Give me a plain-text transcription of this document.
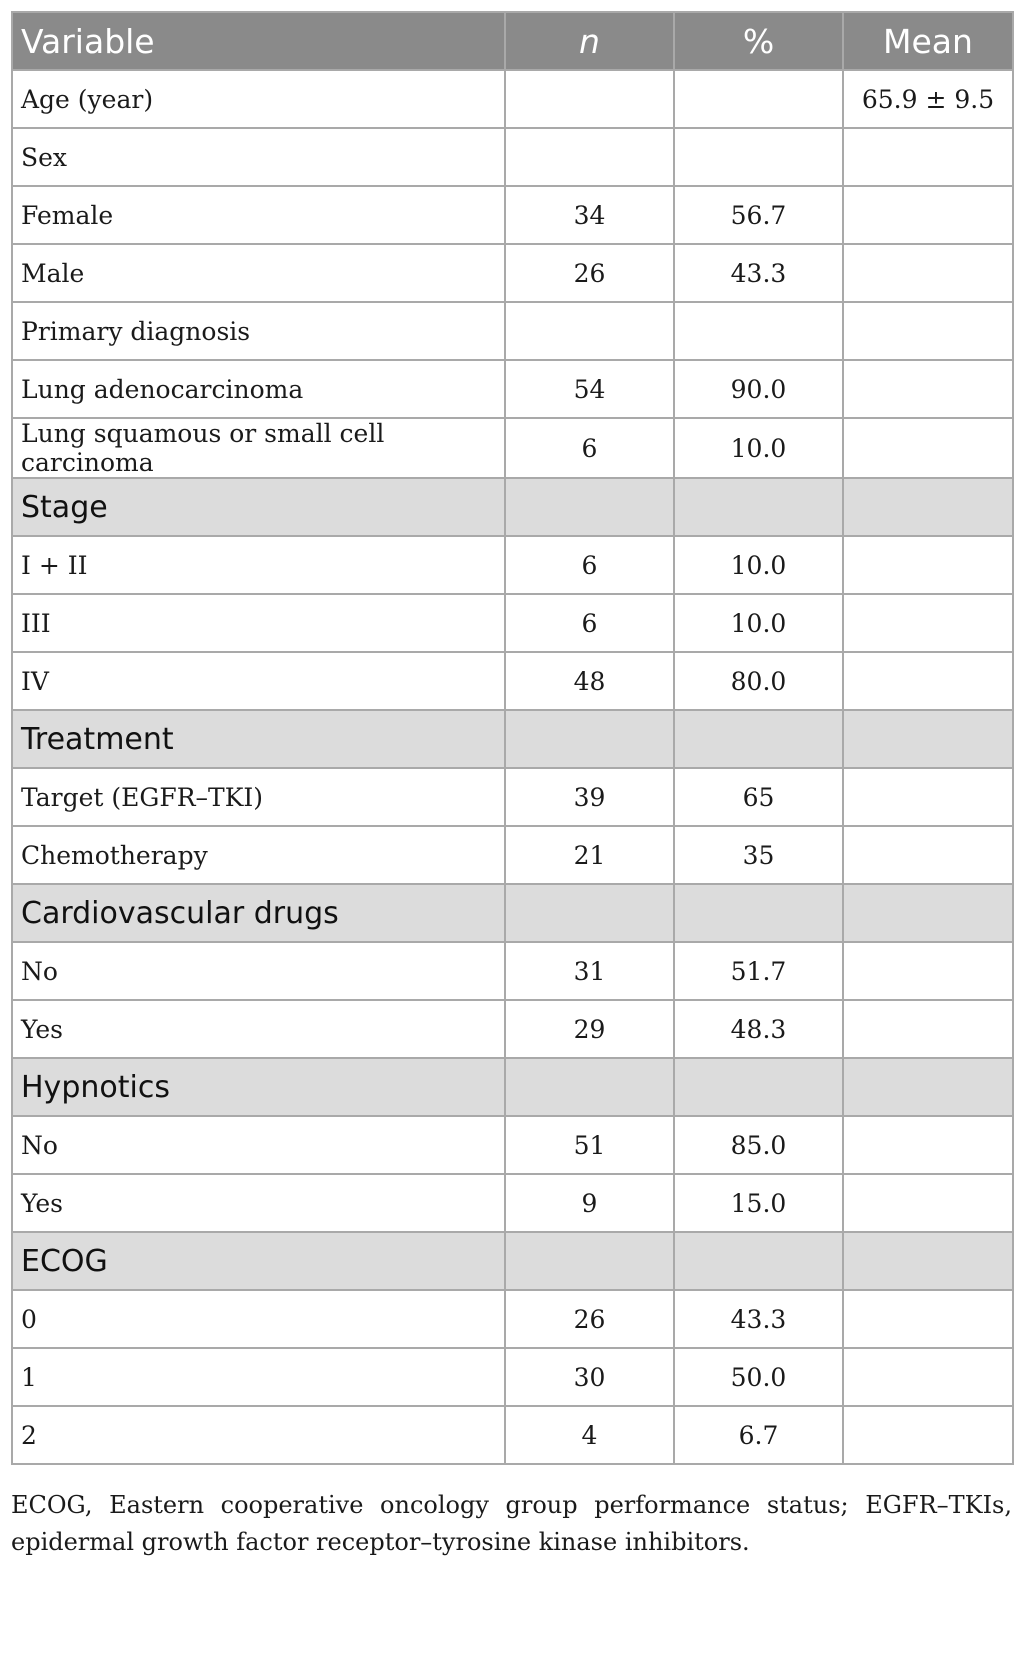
Variable	n	%	Mean
Age (year)			65.9 ± 9.5
Sex			
Female	34	56.7	
Male	26	43.3	
Primary diagnosis			
Lung adenocarcinoma	54	90.0	
Lung squamous or small cell carcinoma	6	10.0	
Stage			
I + II	6	10.0	
III	6	10.0	
IV	48	80.0	
Treatment			
Target (EGFR–TKI)	39	65	
Chemotherapy	21	35	
Cardiovascular drugs			
No	31	51.7	
Yes	29	48.3	
Hypnotics			
No	51	85.0	
Yes	9	15.0	
ECOG			
0	26	43.3	
1	30	50.0	
2	4	6.7	
ECOG, Eastern cooperative oncology group performance status; EGFR–TKIs, epidermal growth factor receptor–tyrosine kinase inhibitors.
